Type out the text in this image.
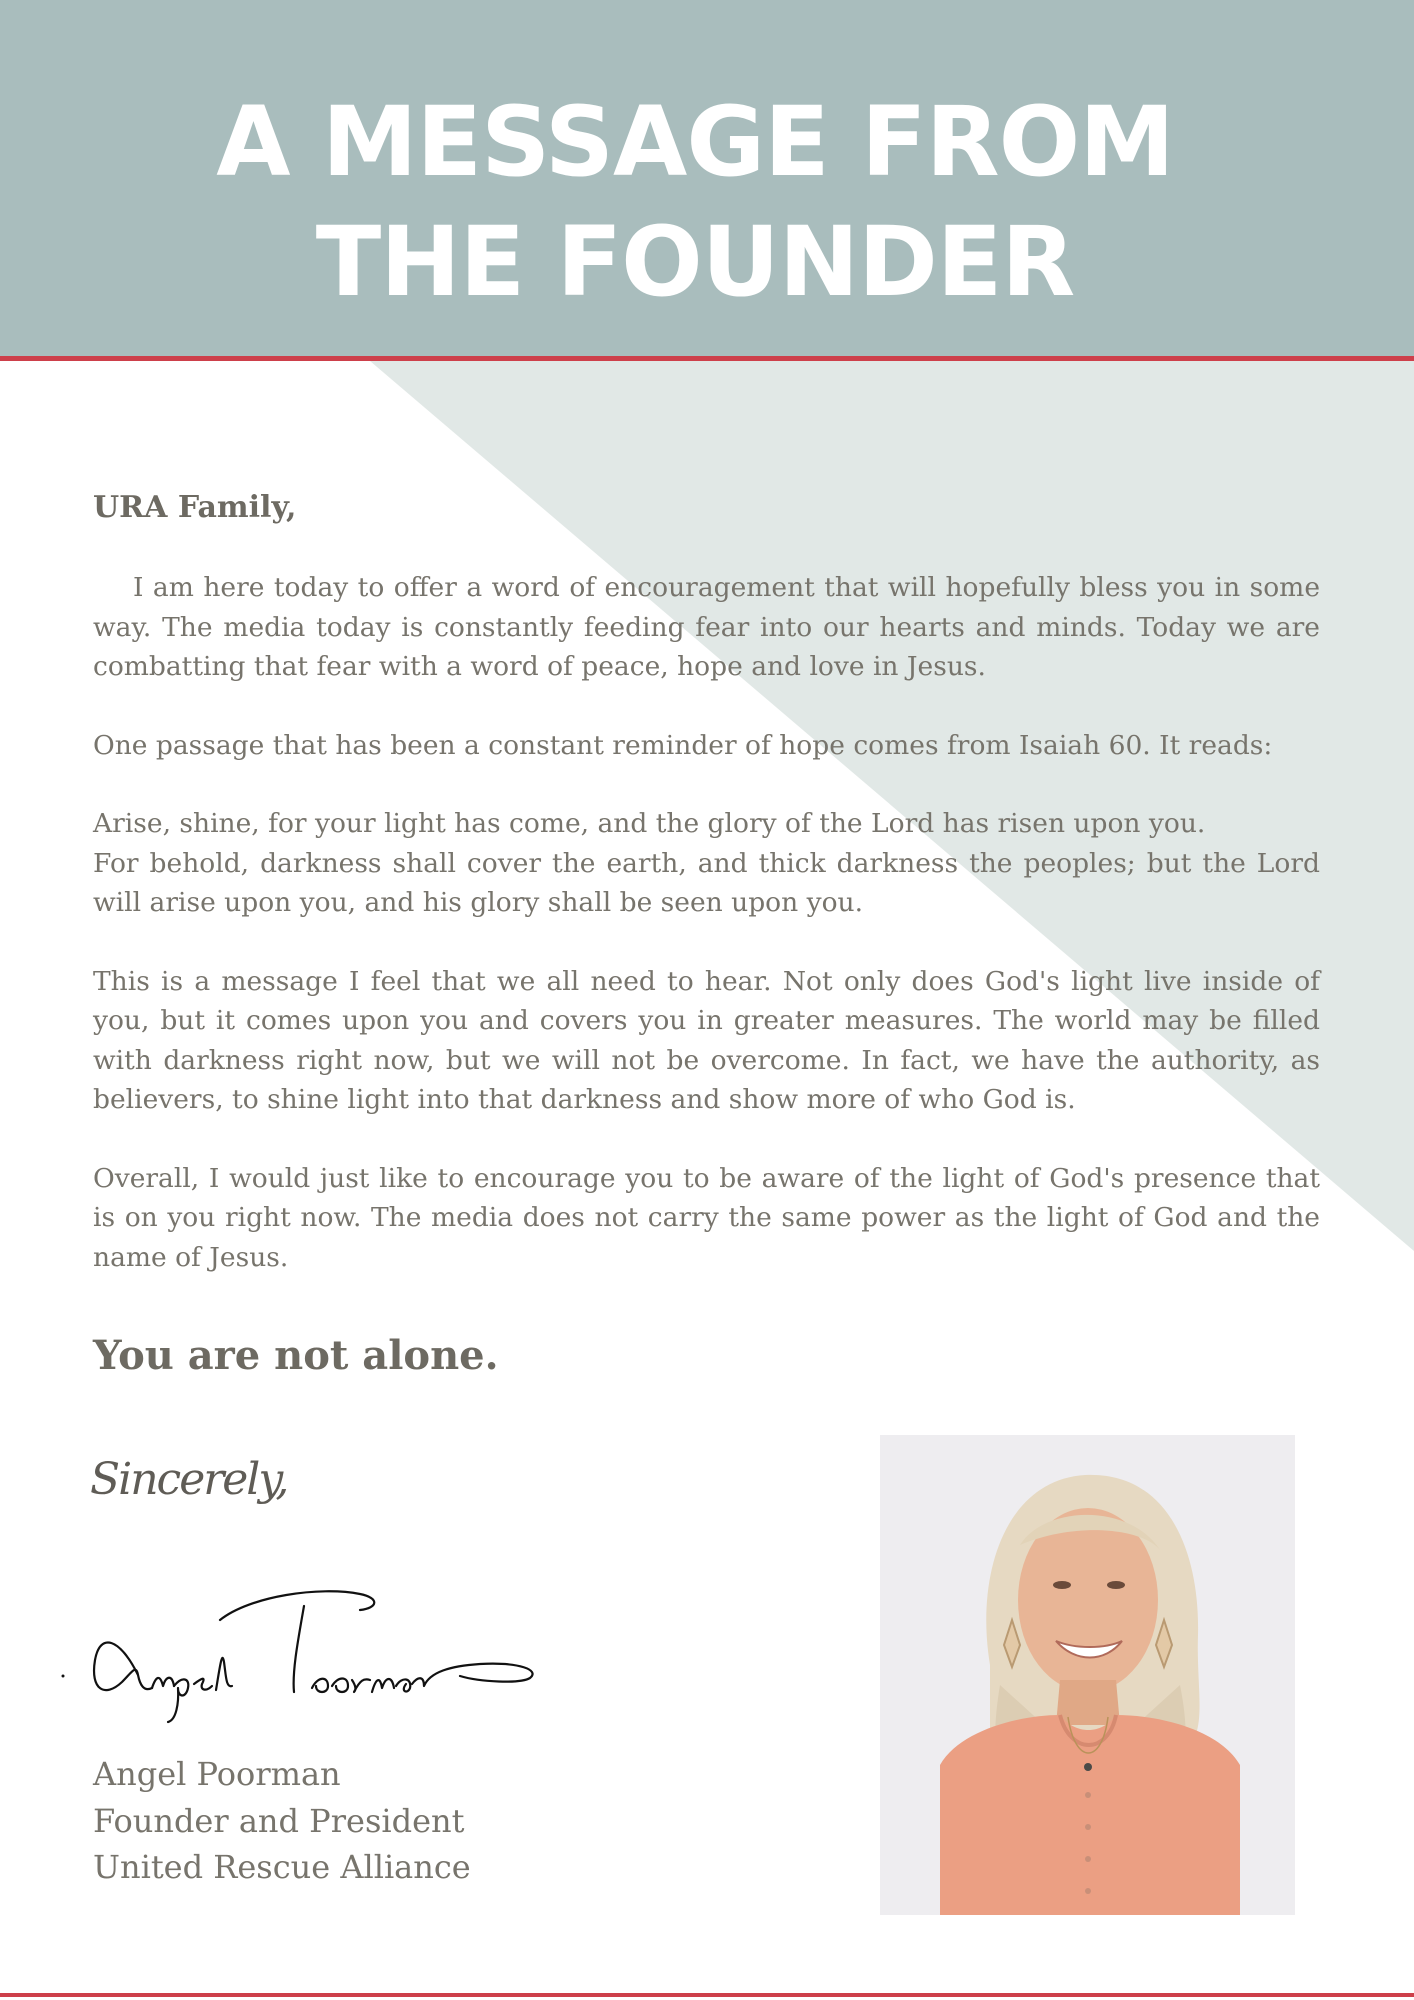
A MESSAGE FROM
THE FOUNDER

URA Family,

I am here today to offer a word of encouragement that will hopefully bless you in some way. The media today is constantly feeding fear into our hearts and minds. Today we are combatting that fear with a word of peace, hope and love in Jesus.

One passage that has been a constant reminder of hope comes from Isaiah 60. It reads:

Arise, shine, for your light has come, and the glory of the Lord has risen upon you.
For behold, darkness shall cover the earth, and thick darkness the peoples; but the Lord will arise upon you, and his glory shall be seen upon you.

This is a message I feel that we all need to hear. Not only does God's light live inside of you, but it comes upon you and covers you in greater measures. The world may be filled with darkness right now, but we will not be overcome. In fact, we have the authority, as believers, to shine light into that darkness and show more of who God is.

Overall, I would just like to encourage you to be aware of the light of God's presence that is on you right now. The media does not carry the same power as the light of God and the name of Jesus.

You are not alone.

Sincerely,
Angel Poorman
Founder and President
United Rescue Alliance
